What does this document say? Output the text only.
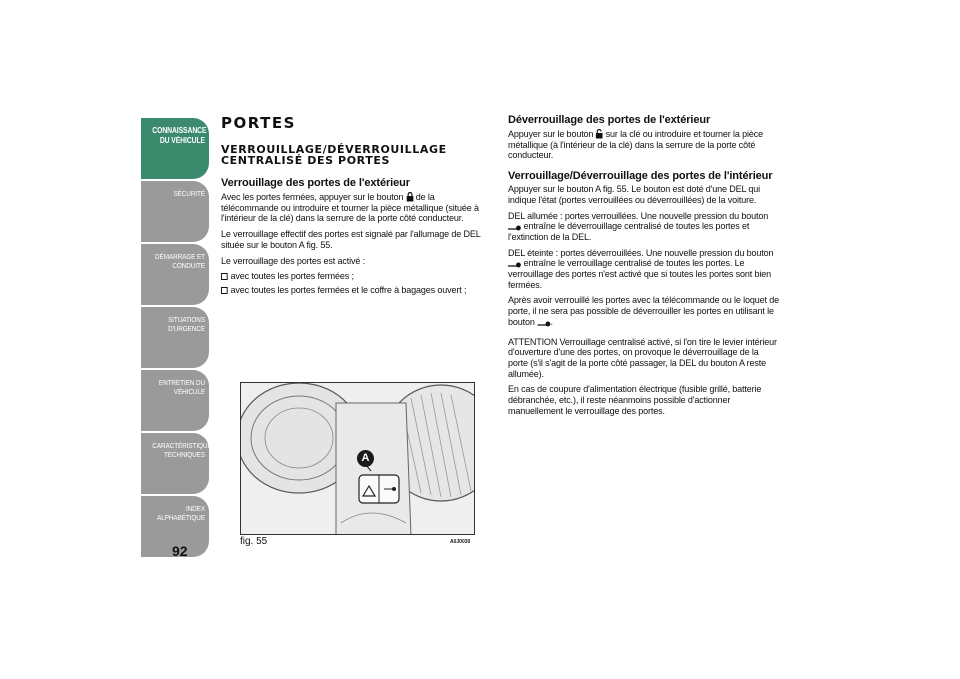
CONNAISSANCE
DU VÉHICULE
SÉCURITÉ
DÉMARRAGE ET
CONDUITE
SITUATIONS
D'URGENCE
ENTRETIEN DU
VÉHICULE
CARACTÉRISTIQUES
TECHNIQUES
INDEX
ALPHABÉTIQUE
92
PORTES
VERROUILLAGE/DÉVERROUILLAGE
CENTRALISÉ DES PORTES
Verrouillage des portes de l'extérieur

Avec les portes fermées, appuyer sur le bouton de la télécommande ou introduire et tourner la pièce métallique (située à l'intérieur de la clé) dans la serrure de la porte côté conducteur.

Le verrouillage effectif des portes est signalé par l'allumage de DEL située sur le bouton A fig. 55.

Le verrouillage des portes est activé :

avec toutes les portes fermées ;

avec toutes les portes fermées et le coffre à bagages ouvert ;

A
fig. 55	A0J0030
Déverrouillage des portes de l'extérieur

Appuyer sur le bouton sur la clé ou introduire et tourner la pièce métallique (à l'intérieur de la clé) dans la serrure de la porte côté conducteur.

Verrouillage/Déverrouillage des portes de l'intérieur

Appuyer sur le bouton A fig. 55. Le bouton est doté d'une DEL qui indique l'état (portes verrouillées ou déverrouillées) de la voiture.

DEL allumée : portes verrouillées. Une nouvelle pression du bouton  entraîne le déverrouillage centralisé de toutes les portes et l'extinction de la DEL.

DEL éteinte : portes déverrouillées. Une nouvelle pression du bouton  entraîne le verrouillage centralisé de toutes les portes. Le verrouillage des portes n'est activé que si toutes les portes sont bien fermées.

Après avoir verrouillé les portes avec la télécommande ou le loquet de porte, il ne sera pas possible de déverrouiller les portes en utilisant le bouton .

ATTENTION Verrouillage centralisé activé, si l'on tire le levier intérieur d'ouverture d'une des portes, on provoque le déverrouillage de la porte (s'il s'agit de la porte côté passager, la DEL du bouton A reste allumée).

En cas de coupure d'alimentation électrique (fusible grillé, batterie débranchée, etc.), il reste néanmoins possible d'actionner manuellement le verrouillage des portes.
